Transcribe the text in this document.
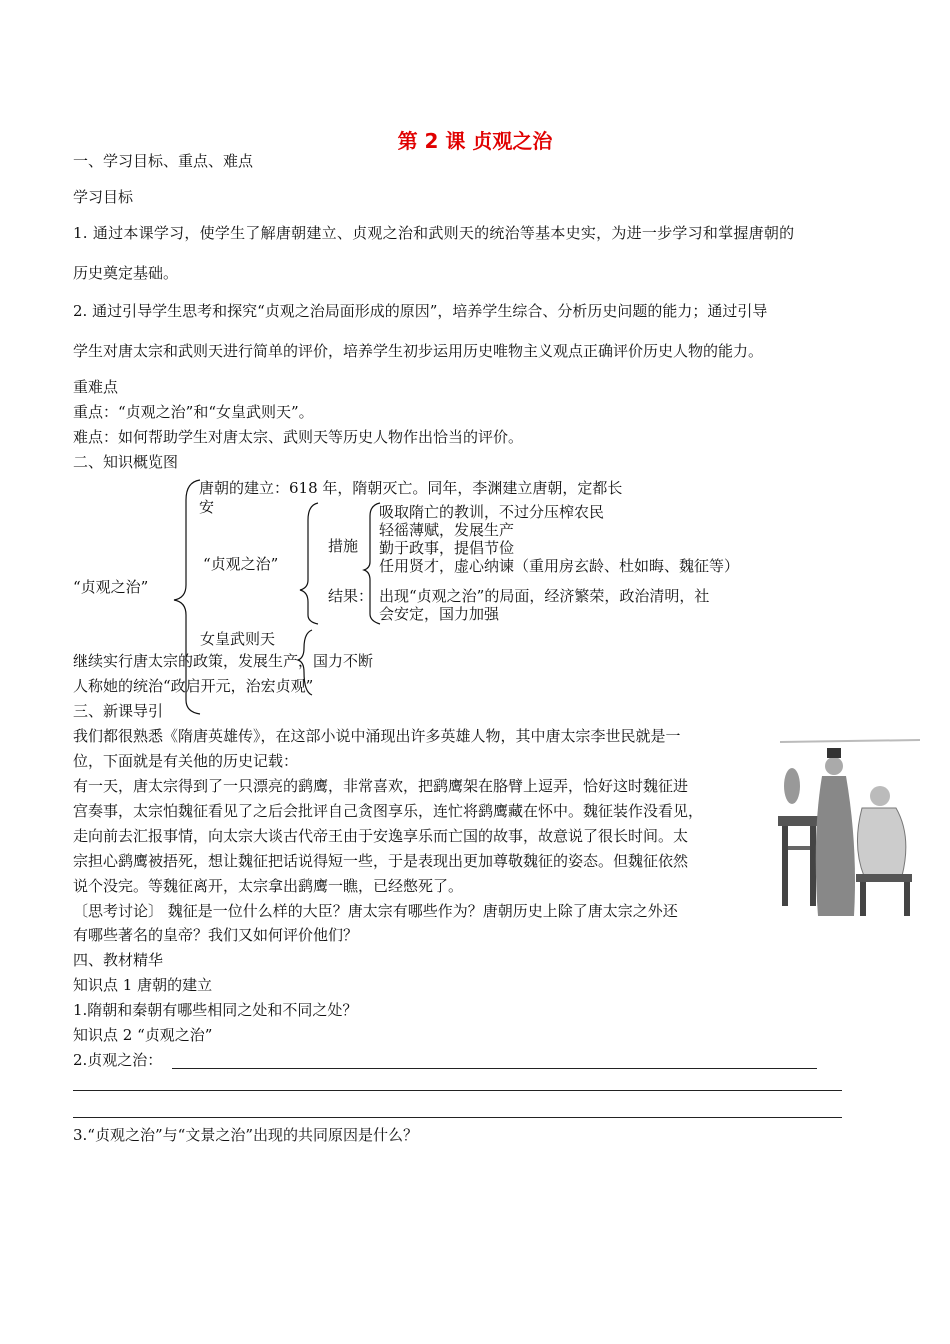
第 2 课 贞观之治
一、学习目标、重点、难点
学习目标
1. 通过本课学习，使学生了解唐朝建立、贞观之治和武则天的统治等基本史实，为进一步学习和掌握唐朝的
历史奠定基础。
2. 通过引导学生思考和探究“贞观之治局面形成的原因”，培养学生综合、分析历史问题的能力；通过引导
学生对唐太宗和武则天进行简单的评价，培养学生初步运用历史唯物主义观点正确评价历史人物的能力。
重难点
重点：“贞观之治”和“女皇武则天”。
难点：如何帮助学生对唐太宗、武则天等历史人物作出恰当的评价。
二、知识概览图
“贞观之治”
唐朝的建立：618 年，隋朝灭亡。同年，李渊建立唐朝，定都长
安
“贞观之治”
措施
吸取隋亡的教训，不过分压榨农民
轻徭薄赋，发展生产
勤于政事，提倡节俭
任用贤才，虚心纳谏（重用房玄龄、杜如晦、魏征等）
结果： 出现“贞观之治”的局面，经济繁荣，政治清明，社
会安定，国力加强
女皇武则天
继续实行唐太宗的政策，发展生产，国力不断
人称她的统治“政启开元，治宏贞观”
三、新课导引
我们都很熟悉《隋唐英雄传》，在这部小说中涌现出许多英雄人物，其中唐太宗李世民就是一
位，下面就是有关他的历史记载：
有一天，唐太宗得到了一只漂亮的鹞鹰，非常喜欢，把鹞鹰架在胳臂上逗弄，恰好这时魏征进
宫奏事，太宗怕魏征看见了之后会批评自己贪图享乐，连忙将鹞鹰藏在怀中。魏征装作没看见，
走向前去汇报事情，向太宗大谈古代帝王由于安逸享乐而亡国的故事，故意说了很长时间。太
宗担心鹞鹰被捂死，想让魏征把话说得短一些，于是表现出更加尊敬魏征的姿态。但魏征依然
说个没完。等魏征离开，太宗拿出鹞鹰一瞧，已经憋死了。
〔思考讨论〕 魏征是一位什么样的大臣？唐太宗有哪些作为？唐朝历史上除了唐太宗之外还
有哪些著名的皇帝？我们又如何评价他们？
四、教材精华
知识点 1 唐朝的建立
1.隋朝和秦朝有哪些相同之处和不同之处？
知识点 2 “贞观之治”
2.贞观之治：
3.“贞观之治”与“文景之治”出现的共同原因是什么？
